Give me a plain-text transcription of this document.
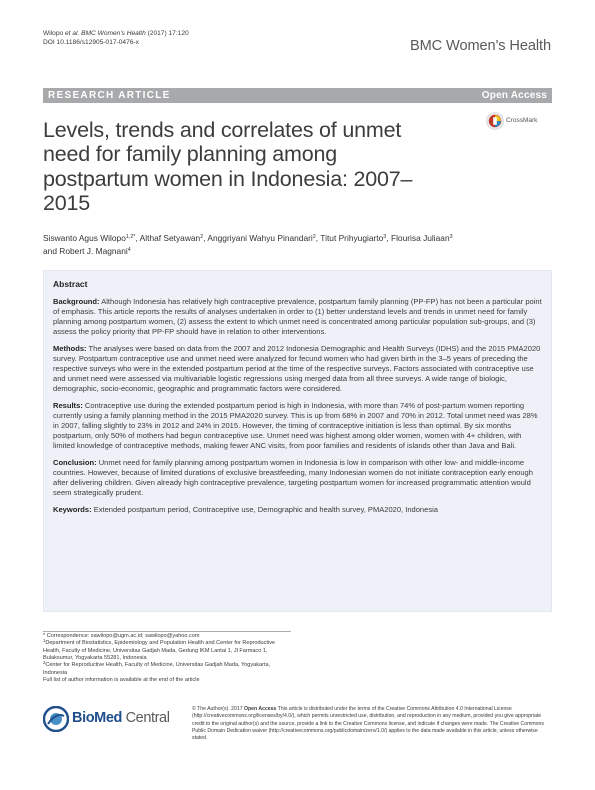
Wilopo et al. BMC Women's Health (2017) 17:120
DOI 10.1186/s12905-017-0476-x	BMC Women's Health
RESEARCH ARTICLE	Open Access
Levels, trends and correlates of unmet need for family planning among postpartum women in Indonesia: 2007–2015
CrossMark
Siswanto Agus Wilopo$^{1,2*}$, Althaf Setyawan$^2$, Anggriyani Wahyu Pinandari$^2$, Titut Prihyugiarto$^3$, Flourisa Juliaan$^3$
and Robert J. Magnani$^4$
Abstract

Background: Although Indonesia has relatively high contraceptive prevalence, postpartum family planning (PP-FP) has not been a particular point of emphasis. This article reports the results of analyses undertaken in order to (1) better understand levels and trends in unmet need for family planning among postpartum women, (2) assess the extent to which unmet need is concentrated among particular population sub-groups, and (3) assess the policy priority that PP-FP should have in relation to other interventions.

Methods: The analyses were based on data from the 2007 and 2012 Indonesia Demographic and Health Surveys (IDHS) and the 2015 PMA2020 survey. Postpartum contraceptive use and unmet need were analyzed for fecund women who had given birth in the 3–5 years of preceding the respective surveys who were in the extended postpartum period at the time of the respective surveys. Factors associated with contraceptive use and unmet need were assessed via multivariable logistic regressions using merged data from all three surveys. A wide range of biologic, demographic, socio-economic, geographic and programmatic factors were considered.

Results: Contraceptive use during the extended postpartum period is high in Indonesia, with more than 74% of post-partum women reporting currently using a family planning method in the 2015 PMA2020 survey. This is up from 68% in 2007 and 70% in 2012. Total unmet need was 28% in 2007, falling slightly to 23% in 2012 and 24% in 2015. However, the timing of contraceptive initiation is less than optimal. By six months postpartum, only 50% of mothers had begun contraceptive use. Unmet need was highest among older women, women with 4+ children, with limited knowledge of contraceptive methods, making fewer ANC visits, from poor families and residents of islands other than Java and Bali.

Conclusion: Unmet need for family planning among postpartum women in Indonesia is low in comparison with other low- and middle-income countries. However, because of limited durations of exclusive breastfeeding, many Indonesian women do not initiate contraception early enough after delivering children. Given already high contraceptive prevalence, targeting postpartum women for increased programmatic attention would seem strategically prudent.

Keywords: Extended postpartum period, Contraceptive use, Demographic and health survey, PMA2020, Indonesia

* Correspondence: sawilopo@ugm.ac.id; sawilopo@yahoo.com
$^1$Department of Biostatistics, Epidemiology and Population Health and Center for Reproductive Health, Faculty of Medicine, Universitas Gadjah Mada, Gedung IKM Lantai 1, Jl Farmaco 1, Bulaksumur, Yogyakarta 55281, Indonesia
$^2$Center for Reproductive Health, Faculty of Medicine, Universitas Gadjah Mada, Yogyakarta, Indonesia
Full list of author information is available at the end of the article
BioMed Central
© The Author(s). 2017 Open Access This article is distributed under the terms of the Creative Commons Attribution 4.0 International License (http://creativecommons.org/licenses/by/4.0/), which permits unrestricted use, distribution, and reproduction in any medium, provided you give appropriate credit to the original author(s) and the source, provide a link to the Creative Commons license, and indicate if changes were made. The Creative Commons Public Domain Dedication waiver (http://creativecommons.org/publicdomain/zero/1.0/) applies to the data made available in this article, unless otherwise stated.
